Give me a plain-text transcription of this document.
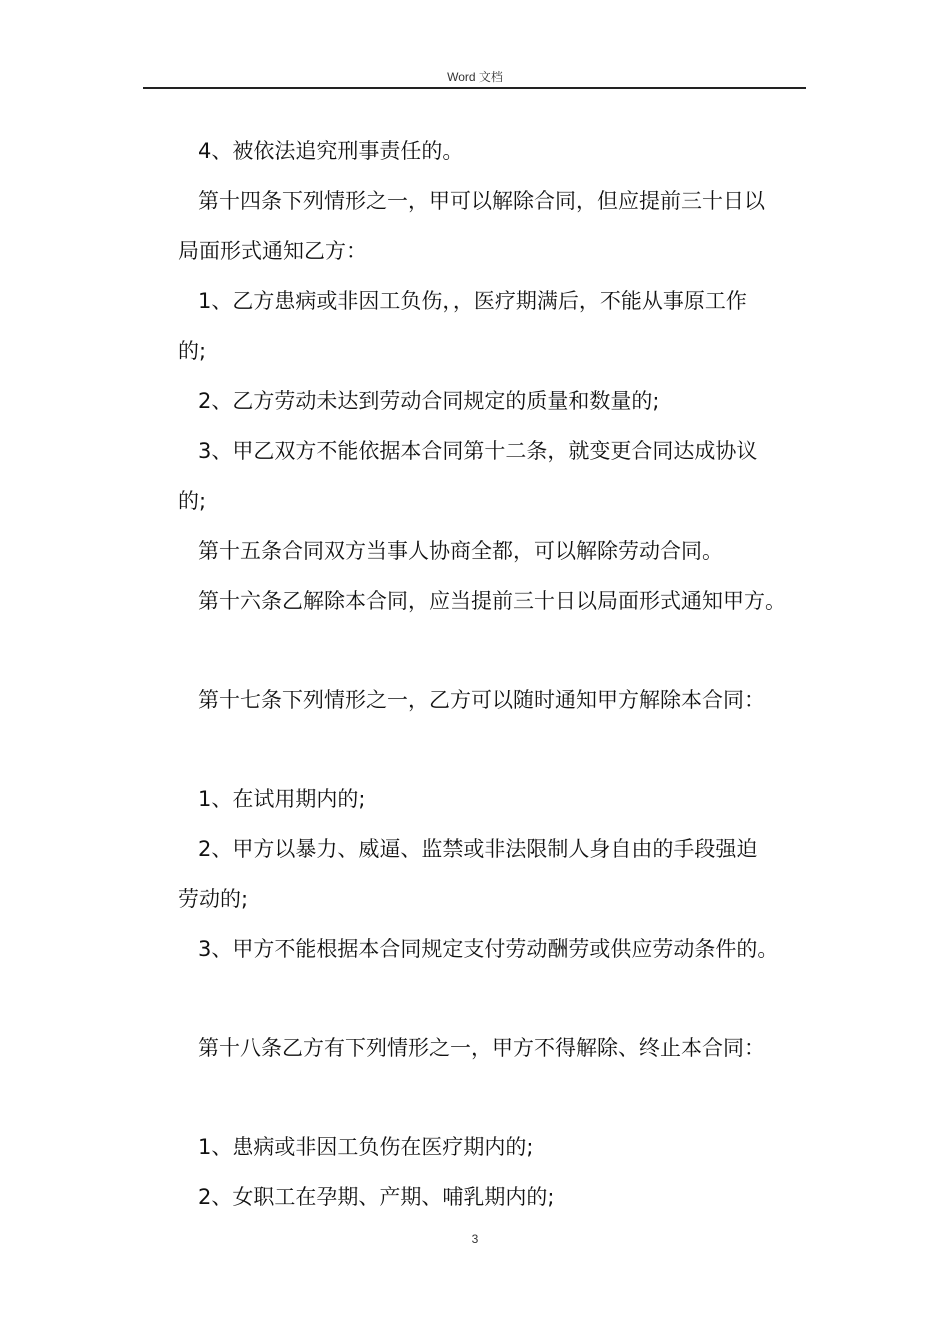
Word 文档
4、被依法追究刑事责任的。
第十四条下列情形之一，甲可以解除合同，但应提前三十日以
局面形式通知乙方：
1、乙方患病或非因工负伤，，医疗期满后，不能从事原工作
的;
2、乙方劳动未达到劳动合同规定的质量和数量的;
3、甲乙双方不能依据本合同第十二条，就变更合同达成协议
的;
第十五条合同双方当事人协商全都，可以解除劳动合同。
第十六条乙解除本合同，应当提前三十日以局面形式通知甲方。
第十七条下列情形之一，乙方可以随时通知甲方解除本合同：
1、在试用期内的;
2、甲方以暴力、威逼、监禁或非法限制人身自由的手段强迫
劳动的;
3、甲方不能根据本合同规定支付劳动酬劳或供应劳动条件的。
第十八条乙方有下列情形之一，甲方不得解除、终止本合同：
1、患病或非因工负伤在医疗期内的;
2、女职工在孕期、产期、哺乳期内的;
3
